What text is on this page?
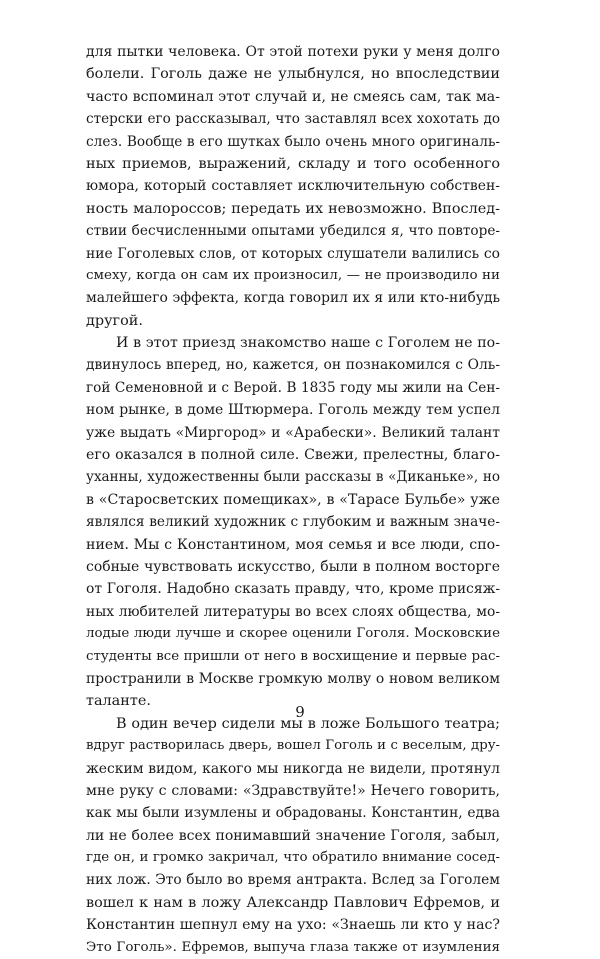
для пытки человека. От этой потехи руки у меня долго
болели. Гоголь даже не улыбнулся, но впоследствии
часто вспоминал этот случай и, не смеясь сам, так ма-
стерски его рассказывал, что заставлял всех хохотать до
слез. Вообще в его шутках было очень много оригиналь-
ных приемов, выражений, складу и того особенного
юмора, который составляет исключительную собствен-
ность малороссов; передать их невозможно. Впослед-
ствии бесчисленными опытами убедился я, что повторе-
ние Гоголевых слов, от которых слушатели валились со
смеху, когда он сам их произносил, — не производило ни
малейшего эффекта, когда говорил их я или кто-нибудь
другой.
И в этот приезд знакомство наше с Гоголем не по-
двинулось вперед, но, кажется, он познакомился с Оль-
гой Семеновной и с Верой. В 1835 году мы жили на Сен-
ном рынке, в доме Штюрмера. Гоголь между тем успел
уже выдать «Миргород» и «Арабески». Великий талант
его оказался в полной силе. Свежи, прелестны, благо-
уханны, художественны были рассказы в «Диканьке», но
в «Старосветских помещиках», в «Тарасе Бульбе» уже
являлся великий художник с глубоким и важным значе-
нием. Мы с Константином, моя семья и все люди, спо-
собные чувствовать искусство, были в полном восторге
от Гоголя. Надобно сказать правду, что, кроме присяж-
ных любителей литературы во всех слоях общества, мо-
лодые люди лучше и скорее оценили Гоголя. Московские
студенты все пришли от него в восхищение и первые рас-
пространили в Москве громкую молву о новом великом
таланте.
В один вечер сидели мы в ложе Большого театра;
вдруг растворилась дверь, вошел Гоголь и с веселым, дру-
жеским видом, какого мы никогда не видели, протянул
мне руку с словами: «Здравствуйте!» Нечего говорить,
как мы были изумлены и обрадованы. Константин, едва
ли не более всех понимавший значение Гоголя, забыл,
где он, и громко закричал, что обратило внимание сосед-
них лож. Это было во время антракта. Вслед за Гоголем
вошел к нам в ложу Александр Павлович Ефремов, и
Константин шепнул ему на ухо: «Знаешь ли кто у нас?
Это Гоголь». Ефремов, выпуча глаза также от изумления
9
